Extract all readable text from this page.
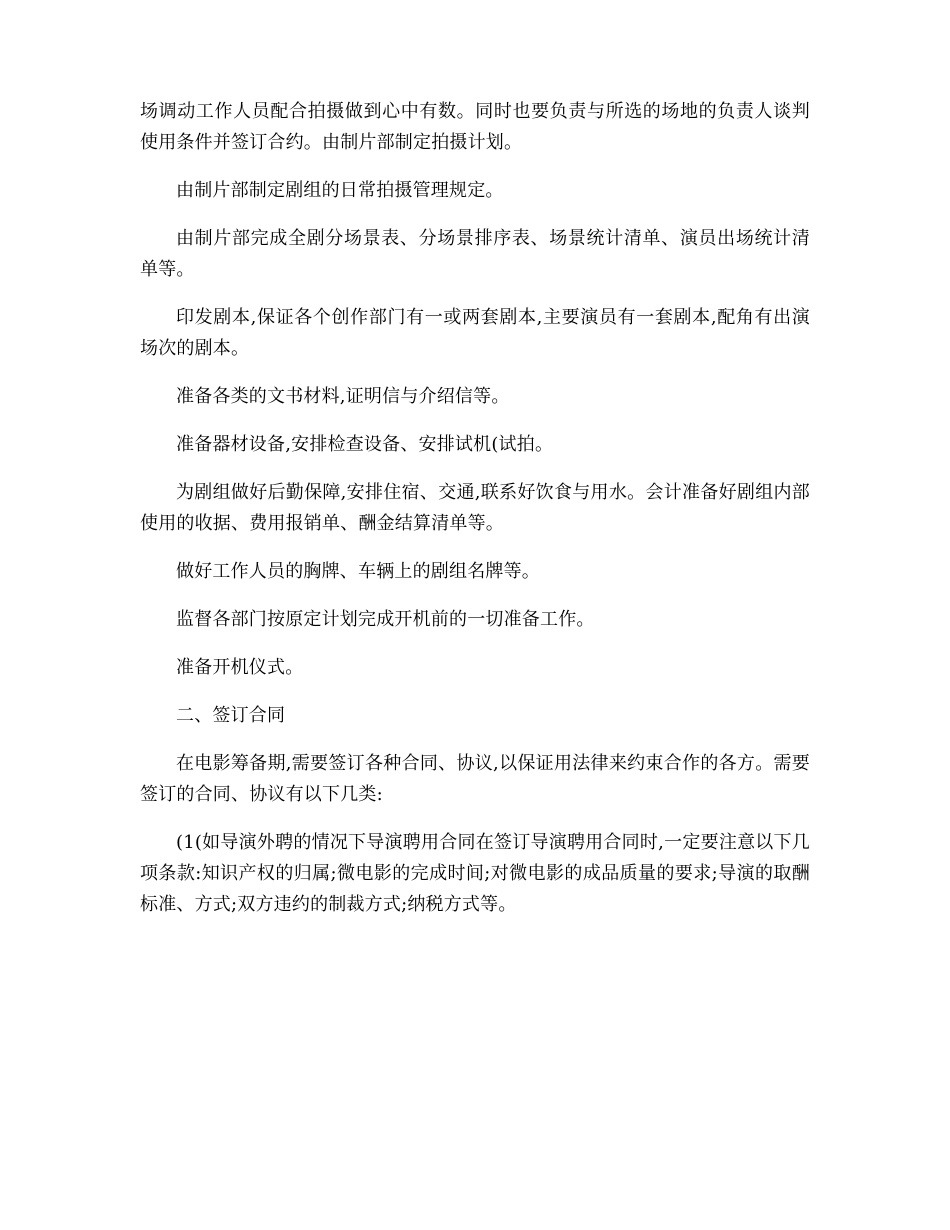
场调动工作人员配合拍摄做到心中有数。同时也要负责与所选的场地的负责人谈判使用条件并签订合约。由制片部制定拍摄计划。

由制片部制定剧组的日常拍摄管理规定。

由制片部完成全剧分场景表、分场景排序表、场景统计清单、演员出场统计清单等。

印发剧本,保证各个创作部门有一或两套剧本,主要演员有一套剧本,配角有出演场次的剧本。

准备各类的文书材料,证明信与介绍信等。

准备器材设备,安排检查设备、安排试机(试拍。

为剧组做好后勤保障,安排住宿、交通,联系好饮食与用水。会计准备好剧组内部使用的收据、费用报销单、酬金结算清单等。

做好工作人员的胸牌、车辆上的剧组名牌等。

监督各部门按原定计划完成开机前的一切准备工作。

准备开机仪式。

二、签订合同

在电影筹备期,需要签订各种合同、协议,以保证用法律来约束合作的各方。需要签订的合同、协议有以下几类:

(1(如导演外聘的情况下导演聘用合同在签订导演聘用合同时,一定要注意以下几项条款:知识产权的归属;微电影的完成时间;对微电影的成品质量的要求;导演的取酬标准、方式;双方违约的制裁方式;纳税方式等。
